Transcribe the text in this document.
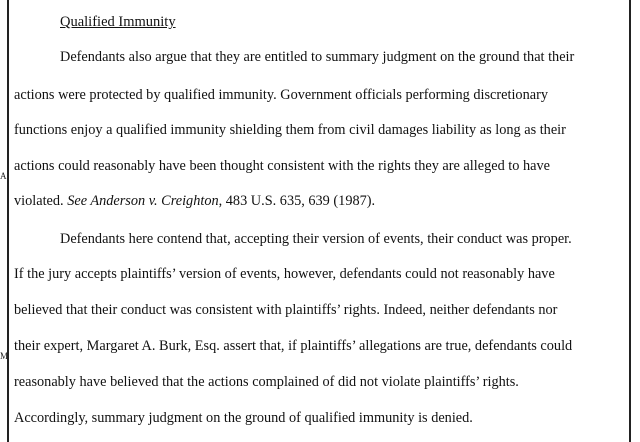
A
M
Qualified Immunity
Defendants also argue that they are entitled to summary judgment on the ground that their
actions were protected by qualified immunity. Government officials performing discretionary
functions enjoy a qualified immunity shielding them from civil damages liability as long as their
actions could reasonably have been thought consistent with the rights they are alleged to have
violated. See Anderson v. Creighton, 483 U.S. 635, 639 (1987).
Defendants here contend that, accepting their version of events, their conduct was proper.
If the jury accepts plaintiffs’ version of events, however, defendants could not reasonably have
believed that their conduct was consistent with plaintiffs’ rights. Indeed, neither defendants nor
their expert, Margaret A. Burk, Esq. assert that, if plaintiffs’ allegations are true, defendants could
reasonably have believed that the actions complained of did not violate plaintiffs’ rights.
Accordingly, summary judgment on the ground of qualified immunity is denied.
